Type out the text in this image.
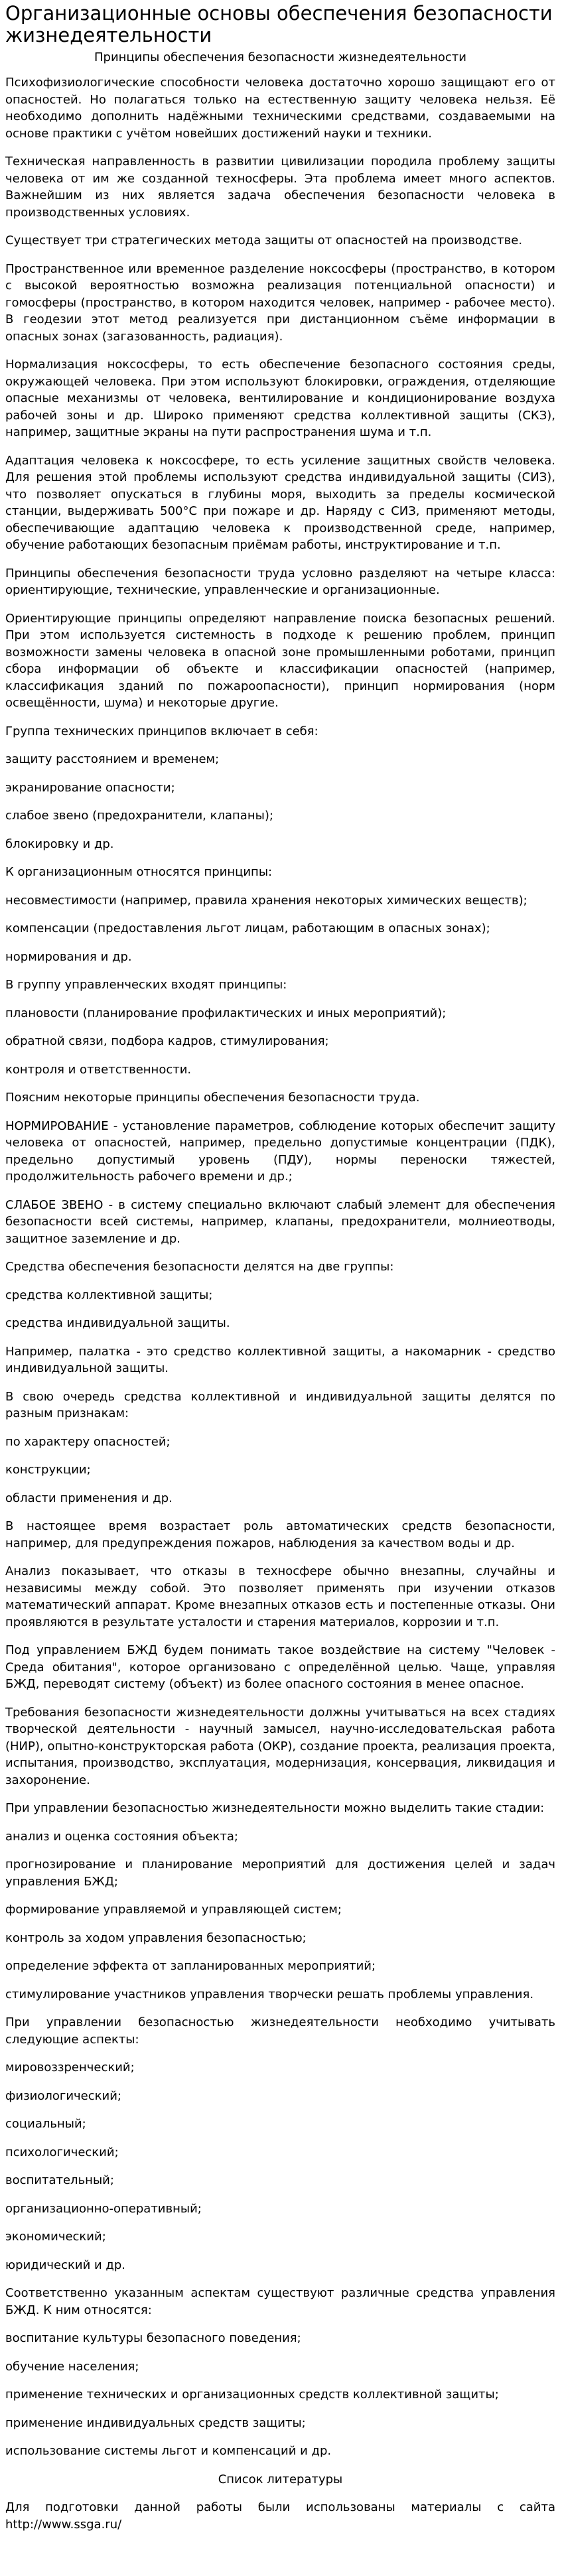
Организационные основы обеспечения безопасности жизнедеятельности
Принципы обеспечения безопасности жизнедеятельности

Психофизиологические способности человека достаточно хорошо защищают его от опасностей. Но полагаться только на естественную защиту человека нельзя. Её необходимо дополнить надёжными техническими средствами, создаваемыми на основе практики с учётом новейших достижений науки и техники.

Техническая направленность в развитии цивилизации породила проблему защиты человека от им же созданной техносферы. Эта проблема имеет много аспектов. Важнейшим из них является задача обеспечения безопасности человека в производственных условиях.

Существует три стратегических метода защиты от опасностей на производстве.

Пространственное или временное разделение ноксосферы (пространство, в котором с высокой вероятностью возможна реализация потенциальной опасности) и гомосферы (пространство, в котором находится человек, например - рабочее место). В геодезии этот метод реализуется при дистанционном съёме информации в опасных зонах (загазованность, радиация).

Нормализация ноксосферы, то есть обеспечение безопасного состояния среды, окружающей человека. При этом используют блокировки, ограждения, отделяющие опасные механизмы от человека, вентилирование и кондиционирование воздуха рабочей зоны и др. Широко применяют средства коллективной защиты (СКЗ), например, защитные экраны на пути распространения шума и т.п.

Адаптация человека к ноксосфере, то есть усиление защитных свойств человека. Для решения этой проблемы используют средства индивидуальной защиты (СИЗ), что позволяет опускаться в глубины моря, выходить за пределы космической станции, выдерживать 500°С при пожаре и др. Наряду с СИЗ, применяют методы, обеспечивающие адаптацию человека к производственной среде, например, обучение работающих безопасным приёмам работы, инструктирование и т.п.

Принципы обеспечения безопасности труда условно разделяют на четыре класса: ориентирующие, технические, управленческие и организационные.

Ориентирующие принципы определяют направление поиска безопасных решений. При этом используется системность в подходе к решению проблем, принцип возможности замены человека в опасной зоне промышленными роботами, принцип сбора информации об объекте и классификации опасностей (например, классификация зданий по пожароопасности), принцип нормирования (норм освещённости, шума) и некоторые другие.

Группа технических принципов включает в себя:

защиту расстоянием и временем;

экранирование опасности;

слабое звено (предохранители, клапаны);

блокировку и др.

К организационным относятся принципы:

несовместимости (например, правила хранения некоторых химических веществ);

компенсации (предоставления льгот лицам, работающим в опасных зонах);

нормирования и др.

В группу управленческих входят принципы:

плановости (планирование профилактических и иных мероприятий);

обратной связи, подбора кадров, стимулирования;

контроля и ответственности.

Поясним некоторые принципы обеспечения безопасности труда.

НОРМИРОВАНИЕ - установление параметров, соблюдение которых обеспечит защиту человека от опасностей, например, предельно допустимые концентрации (ПДК), предельно допустимый уровень (ПДУ), нормы переноски тяжестей, продолжительность рабочего времени и др.;

СЛАБОЕ ЗВЕНО - в систему специально включают слабый элемент для обеспечения безопасности всей системы, например, клапаны, предохранители, молниеотводы, защитное заземление и др.

Средства обеспечения безопасности делятся на две группы:

средства коллективной защиты;

средства индивидуальной защиты.

Например, палатка - это средство коллективной защиты, а накомарник - средство индивидуальной защиты.

В свою очередь средства коллективной и индивидуальной защиты делятся по разным признакам:

по характеру опасностей;

конструкции;

области применения и др.

В настоящее время возрастает роль автоматических средств безопасности, например, для предупреждения пожаров, наблюдения за качеством воды и др.

Анализ показывает, что отказы в техносфере обычно внезапны, случайны и независимы между собой. Это позволяет применять при изучении отказов математический аппарат. Кроме внезапных отказов есть и постепенные отказы. Они проявляются в результате усталости и старения материалов, коррозии и т.п.

Под управлением БЖД будем понимать такое воздействие на систему "Человек - Среда обитания", которое организовано с определённой целью. Чаще, управляя БЖД, переводят систему (объект) из более опасного состояния в менее опасное.

Требования безопасности жизнедеятельности должны учитываться на всех стадиях творческой деятельности - научный замысел, научно-исследовательская работа (НИР), опытно-конструкторская работа (ОКР), создание проекта, реализация проекта, испытания, производство, эксплуатация, модернизация, консервация, ликвидация и захоронение.

При управлении безопасностью жизнедеятельности можно выделить такие стадии:

анализ и оценка состояния объекта;

прогнозирование и планирование мероприятий для достижения целей и задач управления БЖД;

формирование управляемой и управляющей систем;

контроль за ходом управления безопасностью;

определение эффекта от запланированных мероприятий;

стимулирование участников управления творчески решать проблемы управления.

При управлении безопасностью жизнедеятельности необходимо учитывать следующие аспекты:

мировоззренческий;

физиологический;

социальный;

психологический;

воспитательный;

организационно-оперативный;

экономический;

юридический и др.

Соответственно указанным аспектам существуют различные средства управления БЖД. К ним относятся:

воспитание культуры безопасного поведения;

обучение населения;

применение технических и организационных средств коллективной защиты;

применение индивидуальных средств защиты;

использование системы льгот и компенсаций и др.

Список литературы

Для подготовки данной работы были использованы материалы с сайта http://www.ssga.ru/
